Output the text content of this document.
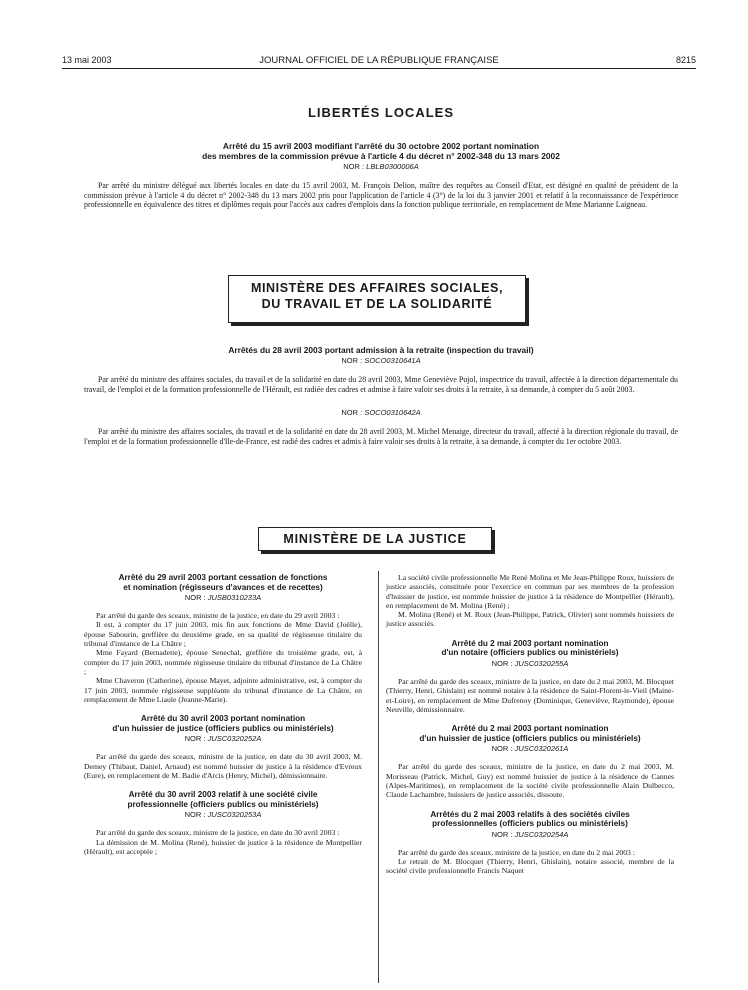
13 mai 2003	JOURNAL OFFICIEL DE LA RÉPUBLIQUE FRANÇAISE	8215
LIBERTÉS LOCALES
Arrêté du 15 avril 2003 modifiant l'arrêté du 30 octobre 2002 portant nomination
des membres de la commission prévue à l'article 4 du décret n° 2002-348 du 13 mars 2002
NOR : LBLB0300006A

Par arrêté du ministre délégué aux libertés locales en date du 15 avril 2003, M. François Delion, maître des requêtes au Conseil d'Etat, est désigné en qualité de président de la commission prévue à l'article 4 du décret n° 2002-348 du 13 mars 2002 pris pour l'application de l'article 4 (3°) de la loi du 3 janvier 2001 et relatif à la reconnaissance de l'expérience professionnelle en équivalence des titres et diplômes requis pour l'accès aux cadres d'emplois dans la fonction publique territoriale, en remplacement de Mme Marianne Laigneau.

MINISTÈRE DES AFFAIRES SOCIALES,
DU TRAVAIL ET DE LA SOLIDARITÉ
Arrêtés du 28 avril 2003 portant admission à la retraite (inspection du travail)
NOR : SOCO0310641A

Par arrêté du ministre des affaires sociales, du travail et de la solidarité en date du 28 avril 2003, Mme Geneviève Pujol, inspectrice du travail, affectée à la direction départementale du travail, de l'emploi et de la formation professionnelle de l'Hérault, est radiée des cadres et admise à faire valoir ses droits à la retraite, à sa demande, à compter du 5 août 2003.

NOR : SOCO0310642A

Par arrêté du ministre des affaires sociales, du travail et de la solidarité en date du 28 avril 2003, M. Michel Menaige, directeur du travail, affecté à la direction régionale du travail, de l'emploi et de la formation professionnelle d'Ile-de-France, est radié des cadres et admis à faire valoir ses droits à la retraite, à sa demande, à compter du 1er octobre 2003.

MINISTÈRE DE LA JUSTICE
Arrêté du 29 avril 2003 portant cessation de fonctions
et nomination (régisseurs d'avances et de recettes)
NOR : JUSB0310233A

Par arrêté du garde des sceaux, ministre de la justice, en date du 29 avril 2003 :

Il est, à compter du 17 juin 2003, mis fin aux fonctions de Mme David (Joëlle), épouse Sabourin, greffière du deuxième grade, en sa qualité de régisseuse titulaire du tribunal d'instance de La Châtre ;

Mme Fayard (Bernadette), épouse Senechal, greffière du troisième grade, est, à compter du 17 juin 2003, nommée régisseuse titulaire du tribunal d'instance de La Châtre ;

Mme Chaveron (Catherine), épouse Mayet, adjointe administrative, est, à compter du 17 juin 2003, nommée régisseuse suppléante du tribunal d'instance de La Châtre, en remplacement de Mme Liaule (Jeanne-Marie).

Arrêté du 30 avril 2003 portant nomination
d'un huissier de justice (officiers publics ou ministériels)
NOR : JUSC0320252A

Par arrêté du garde des sceaux, ministre de la justice, en date du 30 avril 2003, M. Demey (Thibaut, Daniel, Arnaud) est nommé huissier de justice à la résidence d'Evreux (Eure), en remplacement de M. Badie d'Arcis (Henry, Michel), démissionnaire.

Arrêté du 30 avril 2003 relatif à une société civile
professionnelle (officiers publics ou ministériels)
NOR : JUSC0320253A

Par arrêté du garde des sceaux, ministre de la justice, en date du 30 avril 2003 :

La démission de M. Molina (René), huissier de justice à la résidence de Montpellier (Hérault), est acceptée ;

La société civile professionnelle Me René Molina et Me Jean-Philippe Roux, huissiers de justice associés, constituée pour l'exercice en commun par ses membres de la profession d'huissier de justice, est nommée huissier de justice à la résidence de Montpellier (Hérault), en remplacement de M. Molina (René) ;

M. Molina (René) et M. Roux (Jean-Philippe, Patrick, Olivier) sont nommés huissiers de justice associés.

Arrêté du 2 mai 2003 portant nomination
d'un notaire (officiers publics ou ministériels)
NOR : JUSC0320255A

Par arrêté du garde des sceaux, ministre de la justice, en date du 2 mai 2003, M. Blocquet (Thierry, Henri, Ghislain) est nommé notaire à la résidence de Saint-Florent-le-Vieil (Maine-et-Loire), en remplacement de Mme Dufrenoy (Dominique, Geneviève, Raymonde), épouse Neuville, démissionnaire.

Arrêté du 2 mai 2003 portant nomination
d'un huissier de justice (officiers publics ou ministériels)
NOR : JUSC0320261A

Par arrêté du garde des sceaux, ministre de la justice, en date du 2 mai 2003, M. Morisseau (Patrick, Michel, Guy) est nommé huissier de justice à la résidence de Cannes (Alpes-Maritimes), en remplacement de la société civile professionnelle Alain Dulbecco, Claude Lachambre, huissiers de justice associés, dissoute.

Arrêtés du 2 mai 2003 relatifs à des sociétés civiles
professionnelles (officiers publics ou ministériels)
NOR : JUSC0320254A

Par arrêté du garde des sceaux, ministre de la justice, en date du 2 mai 2003 :

Le retrait de M. Blocquet (Thierry, Henri, Ghislain), notaire associé, membre de la société civile professionnelle Francis Naquet
